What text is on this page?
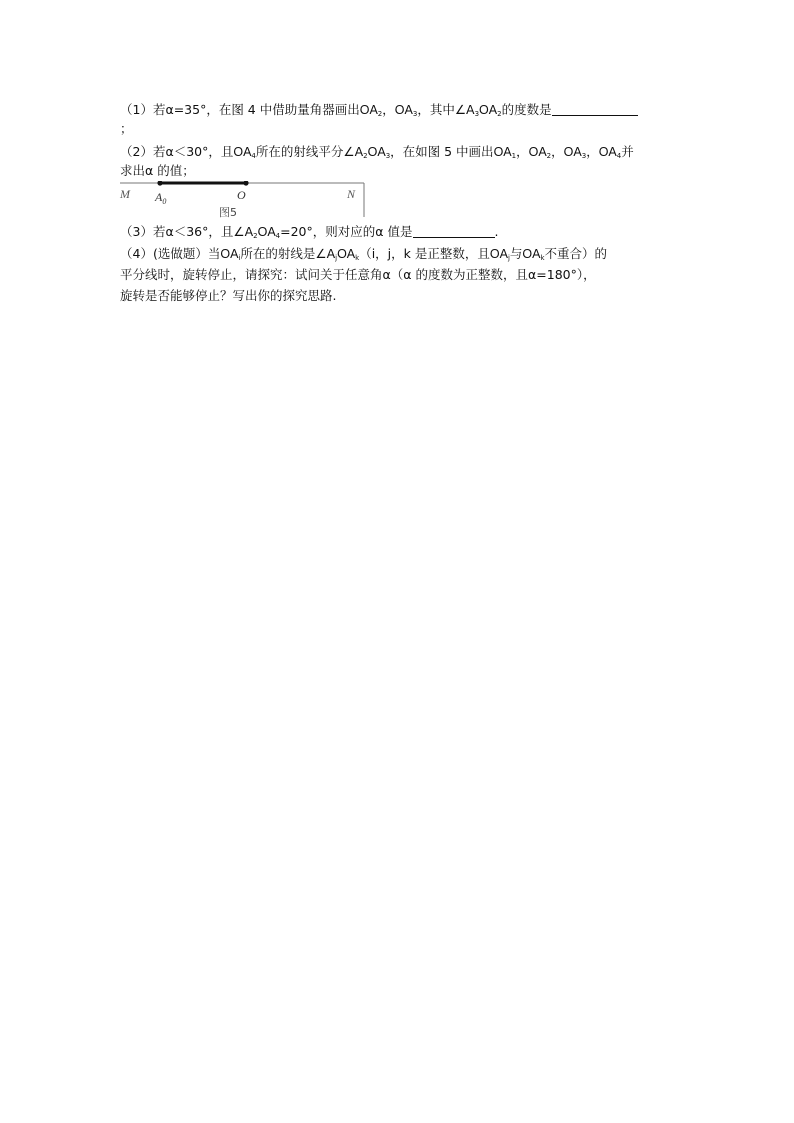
（1）若α=35°，在图 4 中借助量角器画出$OA_2$，$OA_3$，其中$\angle A_3OA_2$的度数是
；
（2）若α＜30°，且$OA_4$所在的射线平分$\angle A_2OA_3$，在如图 5 中画出$OA_1$，$OA_2$，$OA_3$，$OA_4$并
求出α 的值；
M $A_0$	O	N
图5
（3）若α＜36°，且$\angle A_2OA_4=20^\circ$，则对应的α 值是	.
（4）(选做题）当$OA_i$所在的射线是$\angle A_jOA_k(i$，j，k 是正整数，且$OA_j$与$OA_k$不重合）的
平分线时，旋转停止，请探究：试问关于任意角α（α 的度数为正整数，且α=180°），
旋转是否能够停止？写出你的探究思路.
